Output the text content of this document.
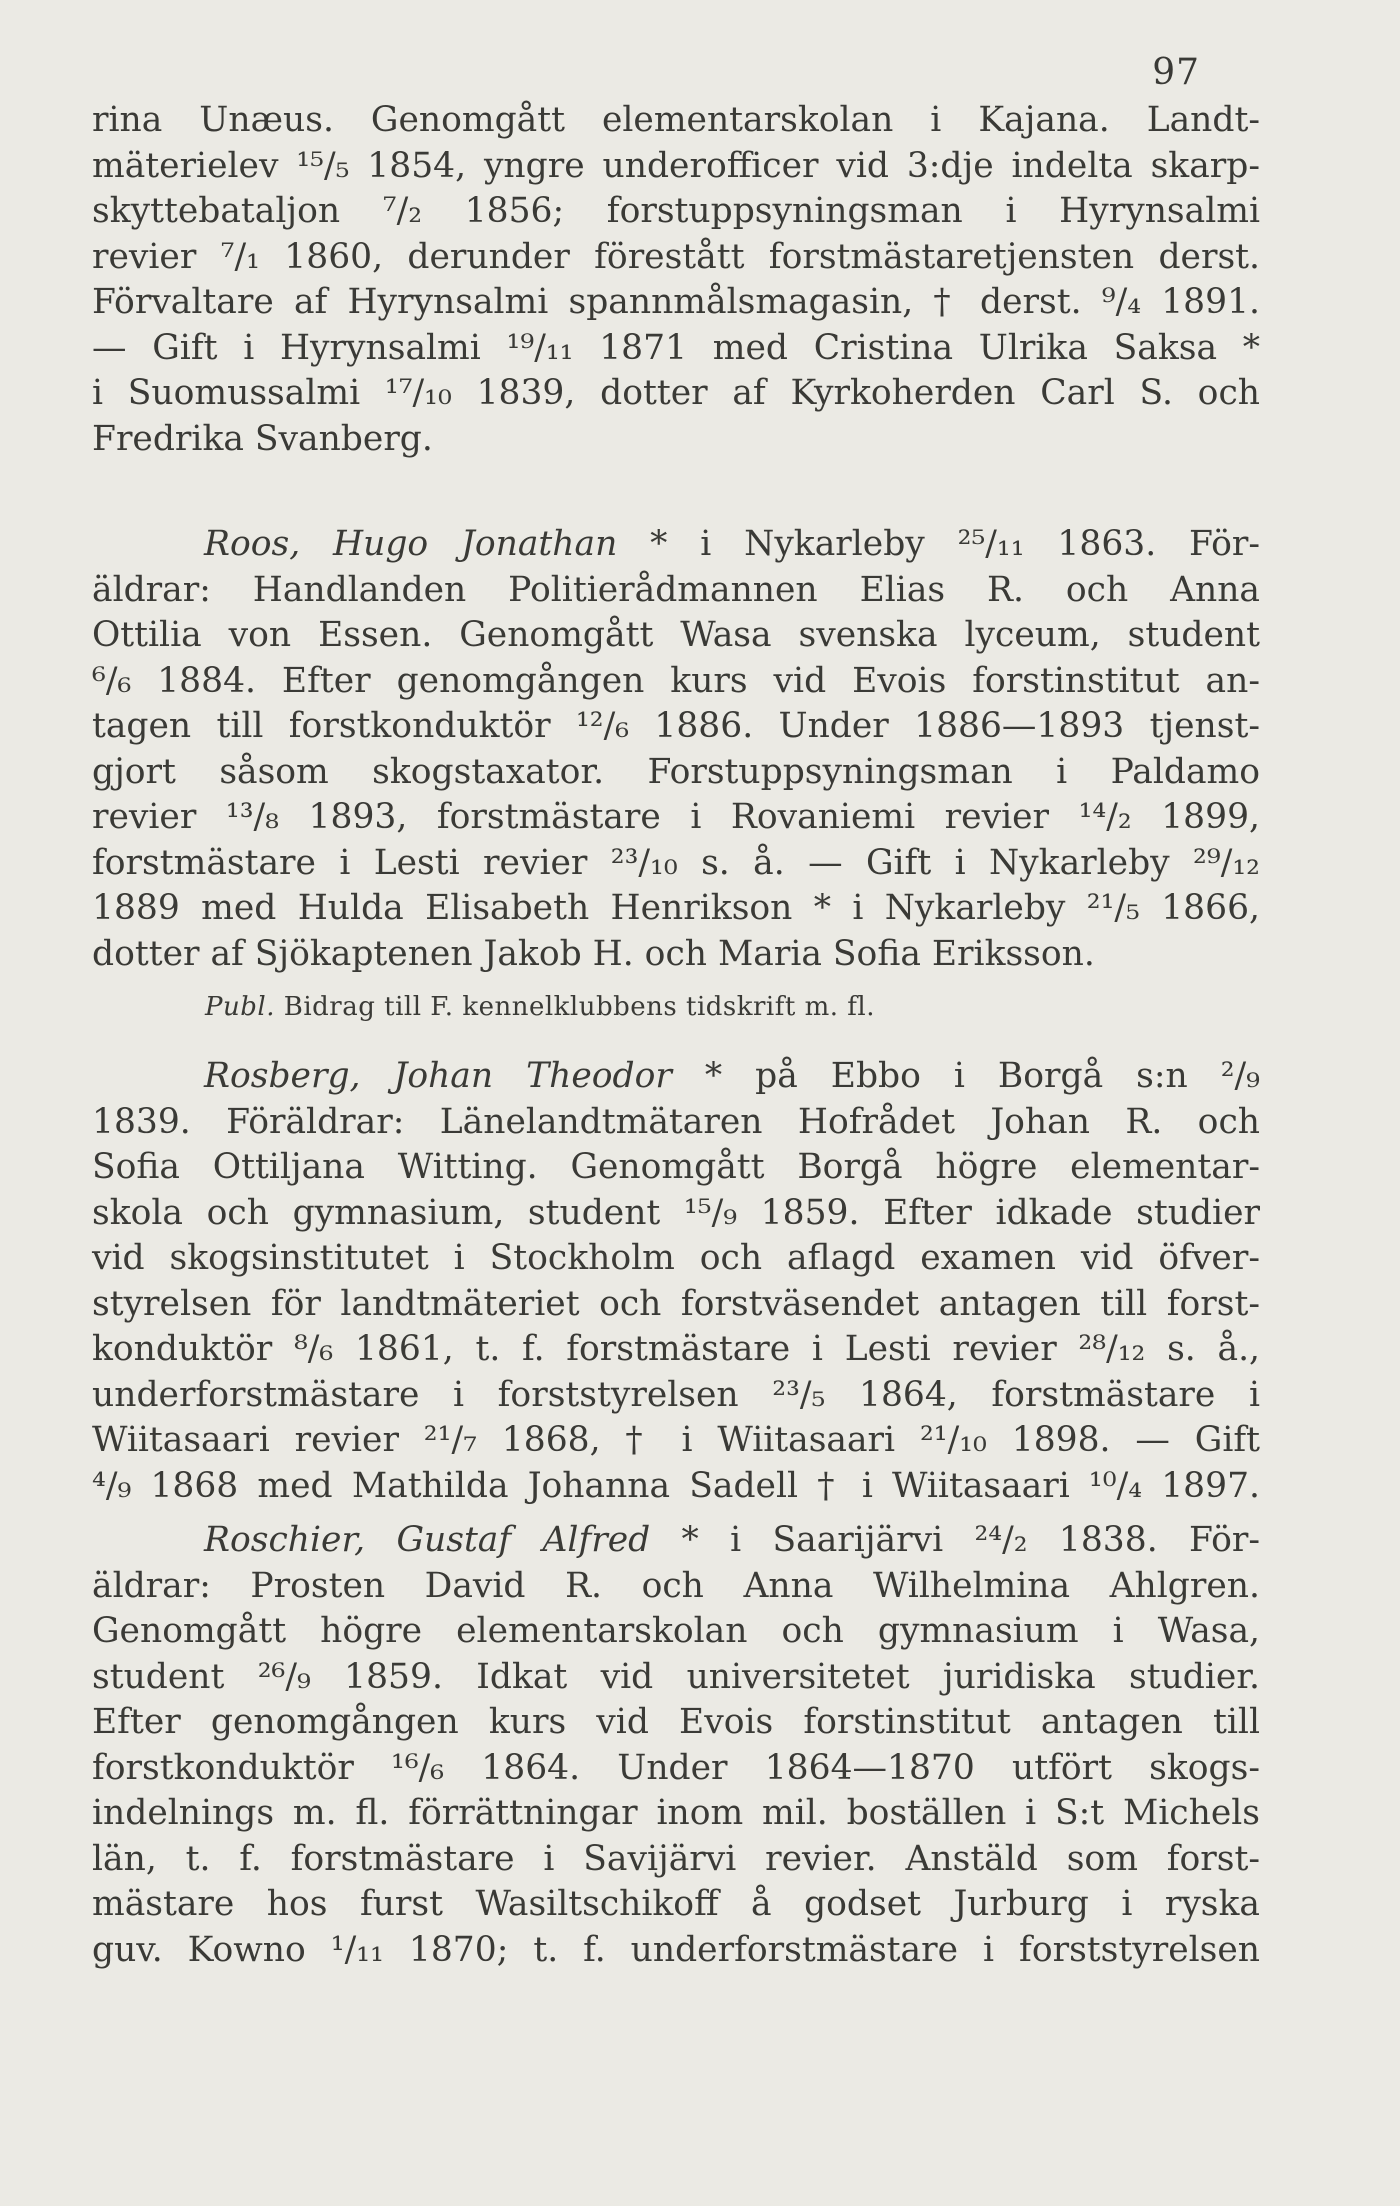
97
rina Unæus. Genomgått elementarskolan i Kajana. Landt-
mäterielev ¹⁵/₅ 1854, yngre underofficer vid 3:dje indelta skarp-
skyttebataljon ⁷/₂ 1856; forstuppsyningsman i Hyrynsalmi
revier ⁷/₁ 1860, derunder förestått forstmästaretjensten derst.
Förvaltare af Hyrynsalmi spannmålsmagasin, † derst. ⁹/₄ 1891.
— Gift i Hyrynsalmi ¹⁹/₁₁ 1871 med Cristina Ulrika Saksa *
i Suomussalmi ¹⁷/₁₀ 1839, dotter af Kyrkoherden Carl S. och
Fredrika Svanberg.
Roos, Hugo Jonathan * i Nykarleby ²⁵/₁₁ 1863. För-
äldrar: Handlanden Politierådmannen Elias R. och Anna
Ottilia von Essen. Genomgått Wasa svenska lyceum, student
⁶/₆ 1884. Efter genomgången kurs vid Evois forstinstitut an-
tagen till forstkonduktör ¹²/₆ 1886. Under 1886—1893 tjenst-
gjort såsom skogstaxator. Forstuppsyningsman i Paldamo
revier ¹³/₈ 1893, forstmästare i Rovaniemi revier ¹⁴/₂ 1899,
forstmästare i Lesti revier ²³/₁₀ s. å. — Gift i Nykarleby ²⁹/₁₂
1889 med Hulda Elisabeth Henrikson * i Nykarleby ²¹/₅ 1866,
dotter af Sjökaptenen Jakob H. och Maria Sofia Eriksson.
Publ. Bidrag till F. kennelklubbens tidskrift m. fl.
Rosberg, Johan Theodor * på Ebbo i Borgå s:n ²/₉
1839. Föräldrar: Länelandtmätaren Hofrådet Johan R. och
Sofia Ottiljana Witting. Genomgått Borgå högre elementar-
skola och gymnasium, student ¹⁵/₉ 1859. Efter idkade studier
vid skogsinstitutet i Stockholm och aflagd examen vid öfver-
styrelsen för landtmäteriet och forstväsendet antagen till forst-
konduktör ⁸/₆ 1861, t. f. forstmästare i Lesti revier ²⁸/₁₂ s. å.,
underforstmästare i forststyrelsen ²³/₅ 1864, forstmästare i
Wiitasaari revier ²¹/₇ 1868, † i Wiitasaari ²¹/₁₀ 1898. — Gift
⁴/₉ 1868 med Mathilda Johanna Sadell † i Wiitasaari ¹⁰/₄ 1897.
Roschier, Gustaf Alfred * i Saarijärvi ²⁴/₂ 1838. För-
äldrar: Prosten David R. och Anna Wilhelmina Ahlgren.
Genomgått högre elementarskolan och gymnasium i Wasa,
student ²⁶/₉ 1859. Idkat vid universitetet juridiska studier.
Efter genomgången kurs vid Evois forstinstitut antagen till
forstkonduktör ¹⁶/₆ 1864. Under 1864—1870 utfört skogs-
indelnings m. fl. förrättningar inom mil. boställen i S:t Michels
län, t. f. forstmästare i Savijärvi revier. Anstäld som forst-
mästare hos furst Wasiltschikoff å godset Jurburg i ryska
guv. Kowno ¹/₁₁ 1870; t. f. underforstmästare i forststyrelsen
